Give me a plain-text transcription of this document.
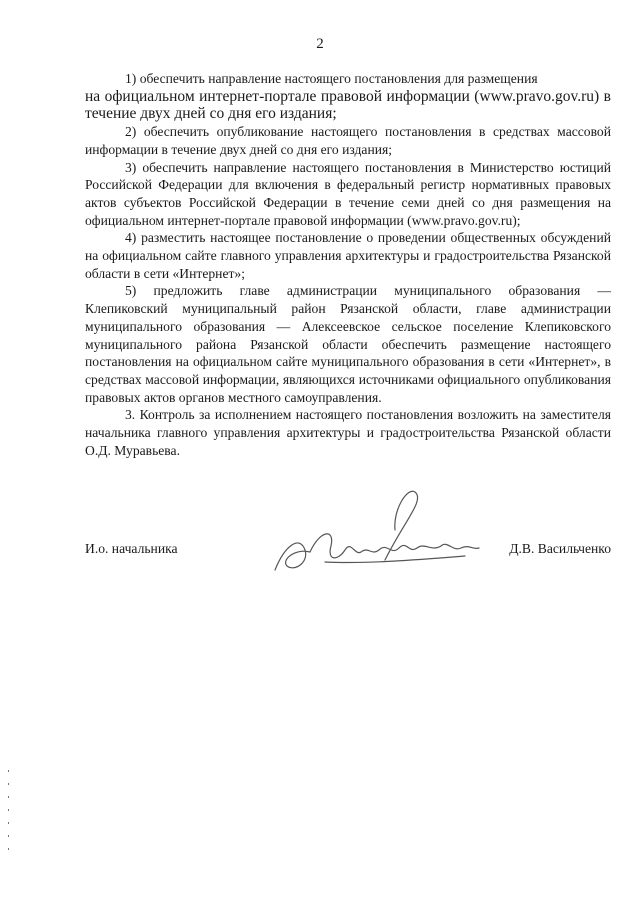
2

1) обеспечить направление настоящего постановления для размещения

на официальном интернет-портале правовой информации (www.pravo.gov.ru) в течение двух дней со дня его издания;

2) обеспечить опубликование настоящего постановления в средствах массовой информации в течение двух дней со дня его издания;

3) обеспечить направление настоящего постановления в Министерство юстиций Российской Федерации для включения в федеральный регистр нормативных правовых актов субъектов Российской Федерации в течение семи дней со дня размещения на официальном интернет-портале правовой информации (www.pravo.gov.ru);

4) разместить настоящее постановление о проведении общественных обсуждений на официальном сайте главного управления архитектуры и градостроительства Рязанской области в сети «Интернет»;

5) предложить главе администрации муниципального образования — Клепиковский муниципальный район Рязанской области, главе администрации муниципального образования — Алексеевское сельское поселение Клепиковского муниципального района Рязанской области обеспечить размещение настоящего постановления на официальном сайте муниципального образования в сети «Интернет», в средствах массовой информации, являющихся источниками официального опубликования правовых актов органов местного самоуправления.

3. Контроль за исполнением настоящего постановления возложить на заместителя начальника главного управления архитектуры и градостроительства Рязанской области О.Д. Муравьева.

И.о. начальника	Д.В. Васильченко
